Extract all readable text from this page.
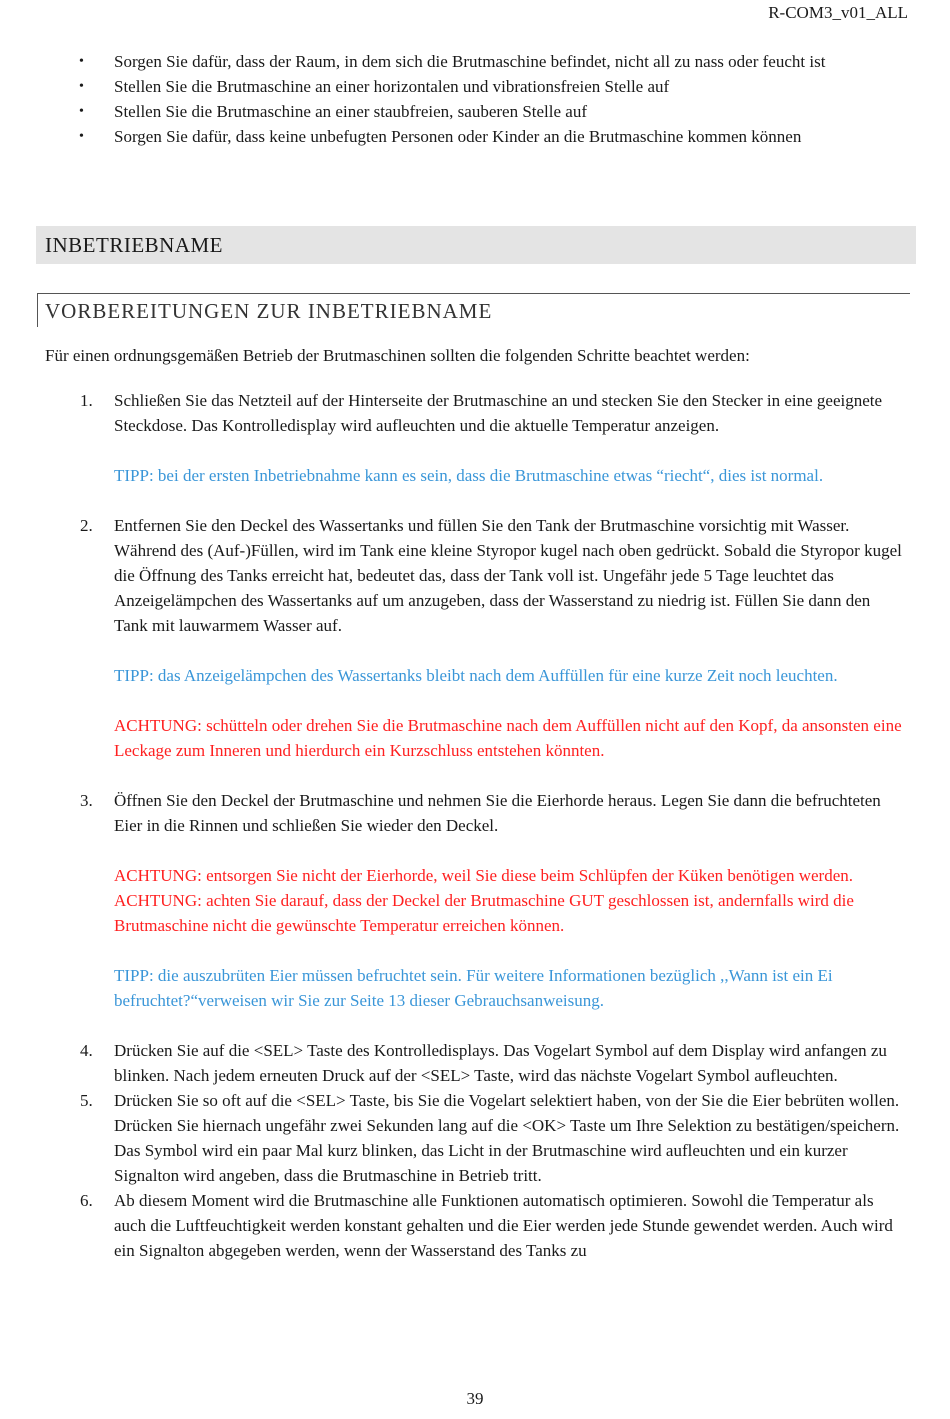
R-COM3_v01_ALL
• Sorgen Sie dafür, dass der Raum, in dem sich die Brutmaschine befindet, nicht all zu nass oder feucht ist
• Stellen Sie die Brutmaschine an einer horizontalen und vibrationsfreien Stelle auf
• Stellen Sie die Brutmaschine an einer staubfreien, sauberen Stelle auf
• Sorgen Sie dafür, dass keine unbefugten Personen oder Kinder an die Brutmaschine kommen können
INBETRIEBNAME
VORBEREITUNGEN ZUR INBETRIEBNAME
Für einen ordnungsgemäßen Betrieb der Brutmaschinen sollten die folgenden Schritte beachtet werden:
1. Schließen Sie das Netzteil auf der Hinterseite der Brutmaschine an und stecken Sie den Stecker in eine geeignete Steckdose. Das Kontrolledisplay wird aufleuchten und die aktuelle Temperatur anzeigen.
TIPP: bei der ersten Inbetriebnahme kann es sein, dass die Brutmaschine etwas “riecht“, dies ist normal.
2. Entfernen Sie den Deckel des Wassertanks und füllen Sie den Tank der Brutmaschine vorsichtig mit Wasser. Während des (Auf-)Füllen, wird im Tank eine kleine Styropor kugel nach oben gedrückt. Sobald die Styropor kugel die Öffnung des Tanks erreicht hat, bedeutet das, dass der Tank voll ist. Ungefähr jede 5 Tage leuchtet das Anzeigelämpchen des Wassertanks auf um anzugeben, dass der Wasserstand zu niedrig ist. Füllen Sie dann den Tank mit lauwarmem Wasser auf.
TIPP: das Anzeigelämpchen des Wassertanks bleibt nach dem Auffüllen für eine kurze Zeit noch leuchten.
ACHTUNG: schütteln oder drehen Sie die Brutmaschine nach dem Auffüllen nicht auf den Kopf, da ansonsten eine Leckage zum Inneren und hierdurch ein Kurzschluss entstehen könnten.
3. Öffnen Sie den Deckel der Brutmaschine und nehmen Sie die Eierhorde heraus. Legen Sie dann die befruchteten Eier in die Rinnen und schließen Sie wieder den Deckel.
ACHTUNG: entsorgen Sie nicht der Eierhorde, weil Sie diese beim Schlüpfen der Küken benötigen werden.
ACHTUNG: achten Sie darauf, dass der Deckel der Brutmaschine GUT geschlossen ist, andernfalls wird die Brutmaschine nicht die gewünschte Temperatur erreichen können.
TIPP: die auszubrüten Eier müssen befruchtet sein. Für weitere Informationen bezüglich ,,Wann ist ein Ei befruchtet?“verweisen wir Sie zur Seite 13 dieser Gebrauchsanweisung.
4. Drücken Sie auf die <SEL> Taste des Kontrolledisplays. Das Vogelart Symbol auf dem Display wird anfangen zu blinken. Nach jedem erneuten Druck auf der <SEL> Taste, wird das nächste Vogelart Symbol aufleuchten.
5. Drücken Sie so oft auf die <SEL> Taste, bis Sie die Vogelart selektiert haben, von der Sie die Eier bebrüten wollen. Drücken Sie hiernach ungefähr zwei Sekunden lang auf die <OK> Taste um Ihre Selektion zu bestätigen/speichern. Das Symbol wird ein paar Mal kurz blinken, das Licht in der Brutmaschine wird aufleuchten und ein kurzer Signalton wird angeben, dass die Brutmaschine in Betrieb tritt.
6. Ab diesem Moment wird die Brutmaschine alle Funktionen automatisch optimieren. Sowohl die Temperatur als auch die Luftfeuchtigkeit werden konstant gehalten und die Eier werden jede Stunde gewendet werden. Auch wird ein Signalton abgegeben werden, wenn der Wasserstand des Tanks zu
39
